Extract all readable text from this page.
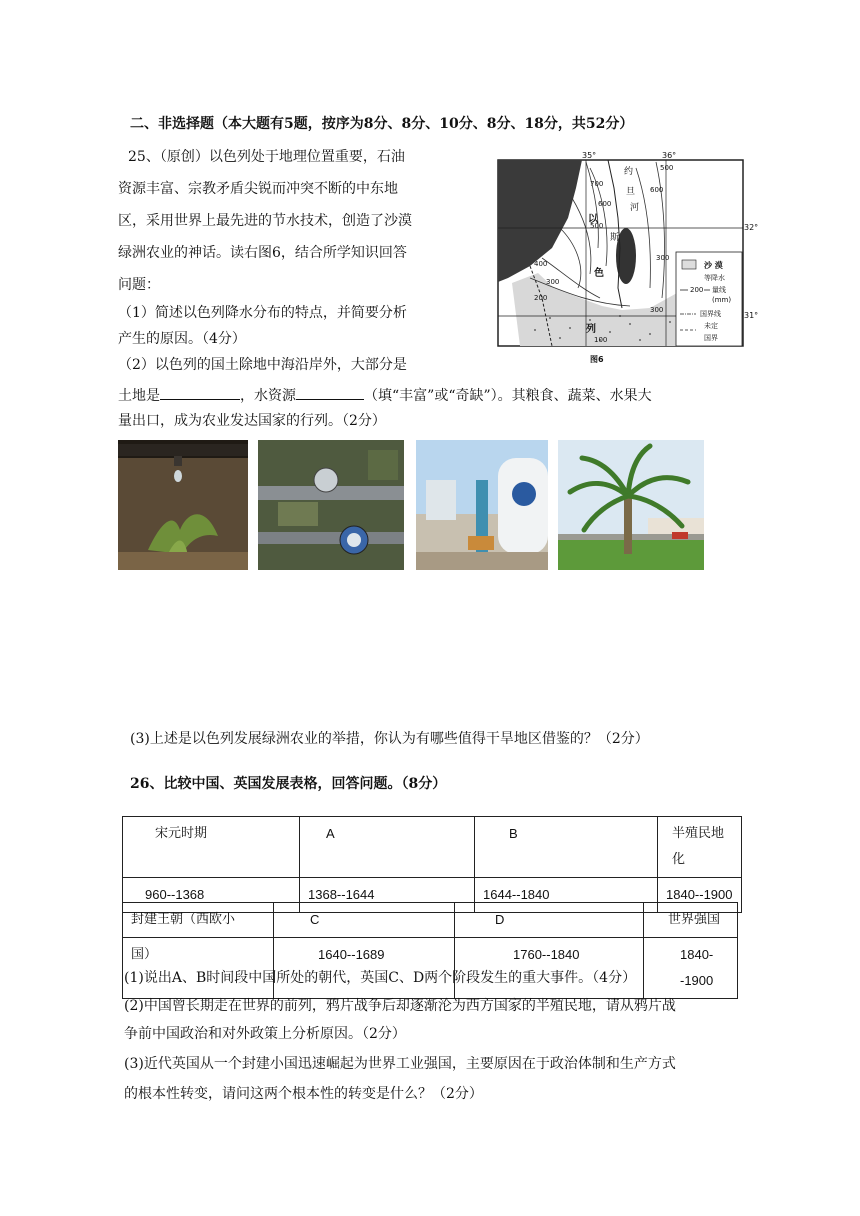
二、非选择题（本大题有5题，按序为8分、8分、10分、8分、18分，共52分）
25、（原创）以色列处于地理位置重要，石油
资源丰富、宗教矛盾尖锐而冲突不断的中东地
区，采用世界上最先进的节水技术，创造了沙漠
绿洲农业的神话。读右图6，结合所学知识回答
问题：
（1）简述以色列降水分布的特点，并简要分析
产生的原因。（4分）
（2）以色列的国土除地中海沿岸外，大部分是
土地是	，水资源	（填“丰富”或“奇缺”）。其粮食、蔬菜、水果大
量出口，成为农业发达国家的行列。（2分）
35°	36°
32°
31°
以
色
列
约
旦
河
斯
700
600
500
400
300
200
100
300
500
600
300
沙 漠
等降水
200 量线
(mm)
国界线
未定
国界
图6
(3)上述是以色列发展绿洲农业的举措，你认为有哪些值得干旱地区借鉴的？（2分）
26、比较中国、英国发展表格，回答问题。（8分）
宋元时期	A	B	半殖民地化
960--1368	1368--1644	1644--1840	1840--1900
封建王朝（西欧小	C	D	世界强国
国）	1640--1689	1760--1840	1840--1900
(1)说出A、B时间段中国所处的朝代，英国C、D两个阶段发生的重大事件。（4分）
(2)中国曾长期走在世界的前列，鸦片战争后却逐渐沦为西方国家的半殖民地，请从鸦片战
争前中国政治和对外政策上分析原因。（2分）
(3)近代英国从一个封建小国迅速崛起为世界工业强国，主要原因在于政治体制和生产方式
的根本性转变，请问这两个根本性的转变是什么？（2分）
